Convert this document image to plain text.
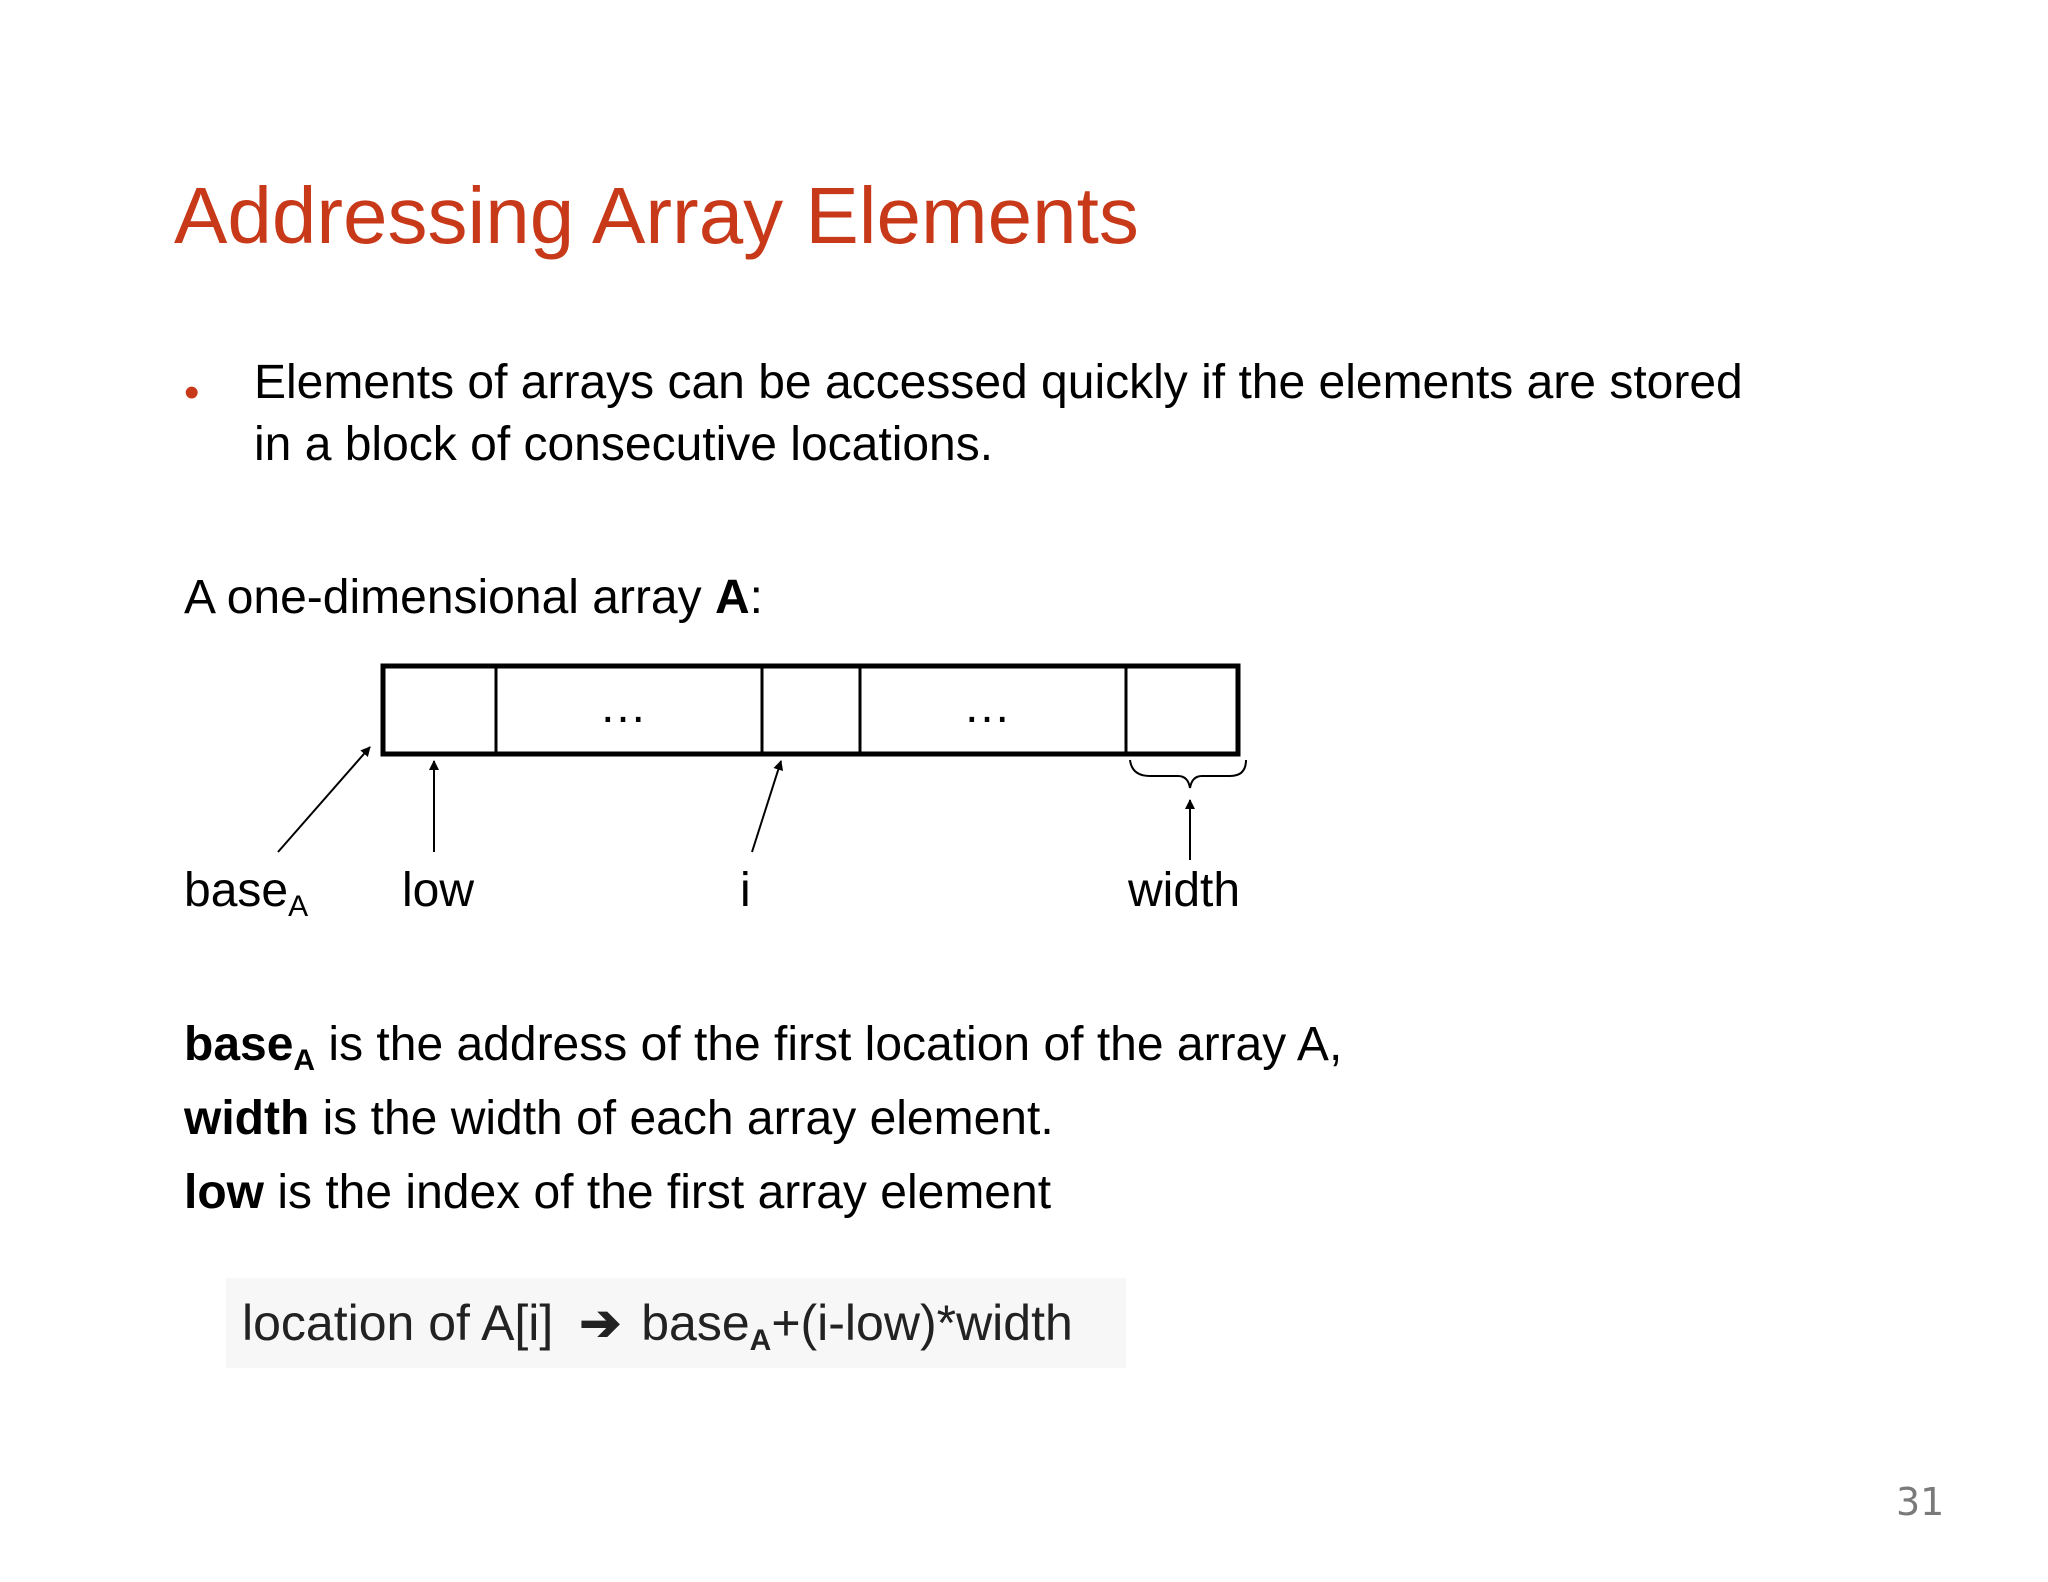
Addressing Array Elements
• Elements of arrays can be accessed quickly if the elements are stored in a block of consecutive locations.
A one-dimensional array A:
…	…
base$_A$ low	i	width
base$_A$ is the address of the first location of the array A,
width is the width of each array element.
low is the index of the first array element
location of A[i] ➔ base$_A$+(i-low)*width
31
